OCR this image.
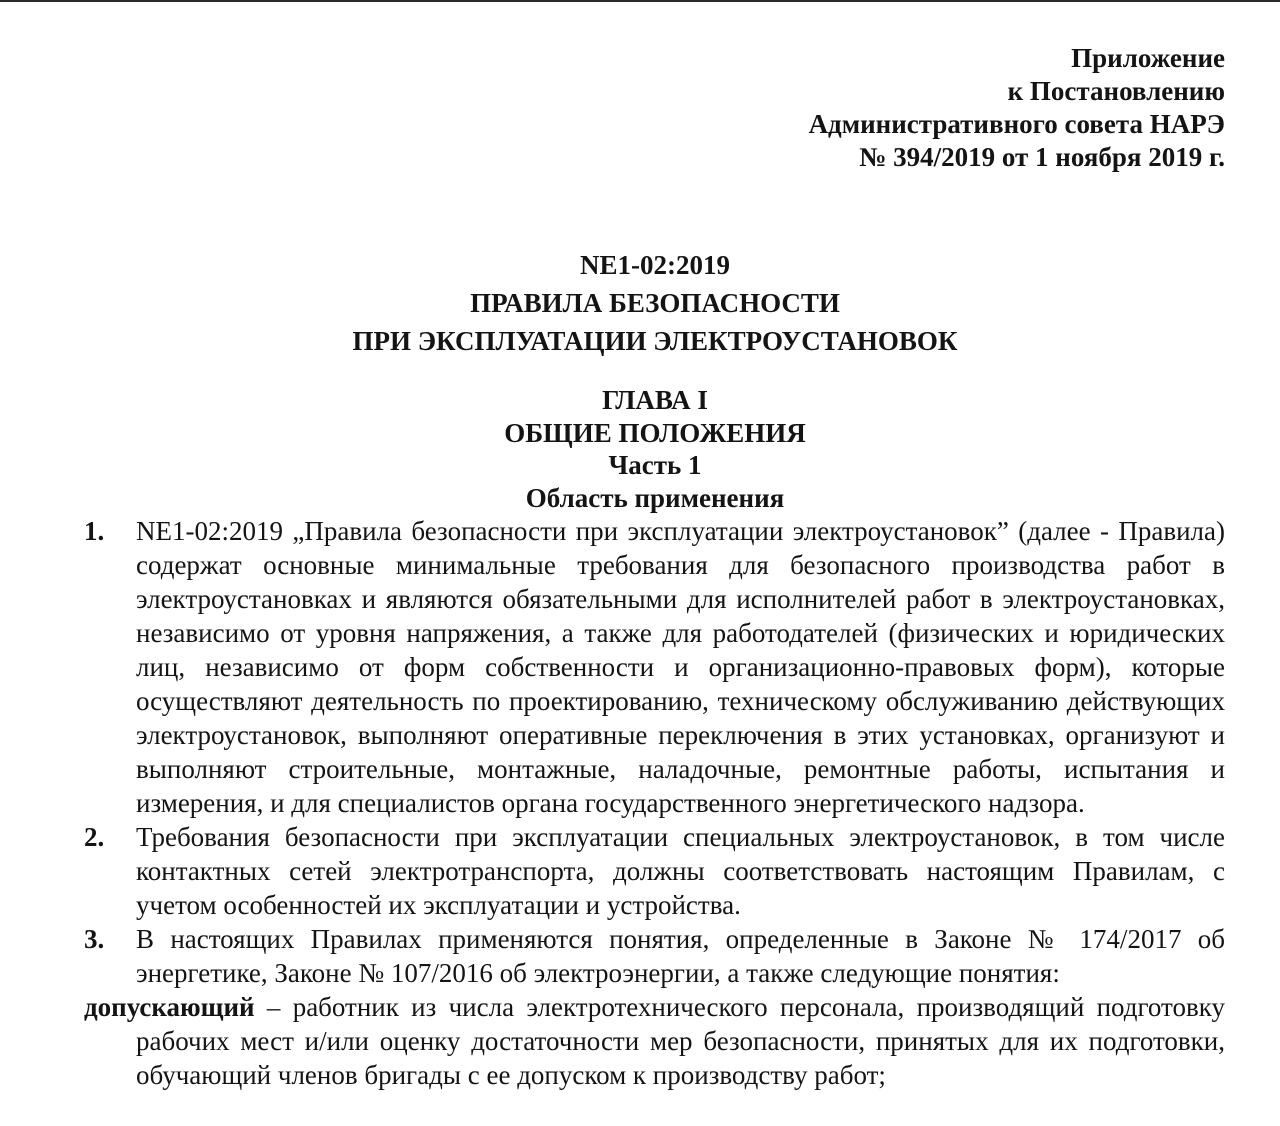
Приложение
к Постановлению
Административного совета НАРЭ
№ 394/2019 от 1 ноября 2019 г.
NE1-02:2019
ПРАВИЛА БЕЗОПАСНОСТИ
ПРИ ЭКСПЛУАТАЦИИ ЭЛЕКТРОУСТАНОВОК
ГЛАВА I
ОБЩИЕ ПОЛОЖЕНИЯ
Часть 1
Область применения
1.	NE1-02:2019 „Правила безопасности при эксплуатации электроустановок” (далее - Правила) содержат основные минимальные требования для безопасного производства работ в электроустановках и являются обязательными для исполнителей работ в электроустановках, независимо от уровня напряжения, а также для работодателей (физических и юридических лиц, независимо от форм собственности и организационно-правовых форм), которые осуществляют деятельность по проектированию, техническому обслуживанию действующих электроустановок, выполняют оперативные переключения в этих установках, организуют и выполняют строительные, монтажные, наладочные, ремонтные работы, испытания и измерения, и для специалистов органа государственного энергетического надзора.
2.	Требования безопасности при эксплуатации специальных электроустановок, в том числе контактных сетей электротранспорта, должны соответствовать настоящим Правилам, с учетом особенностей их эксплуатации и устройства.
3.	В настоящих Правилах применяются понятия, определенные в Законе № 174/2017 об энергетике, Законе № 107/2016 об электроэнергии, а также следующие понятия:
допускающий – работник из числа электротехнического персонала, производящий подготовку рабочих мест и/или оценку достаточности мер безопасности, принятых для их подготовки, обучающий членов бригады с ее допуском к производству работ;
